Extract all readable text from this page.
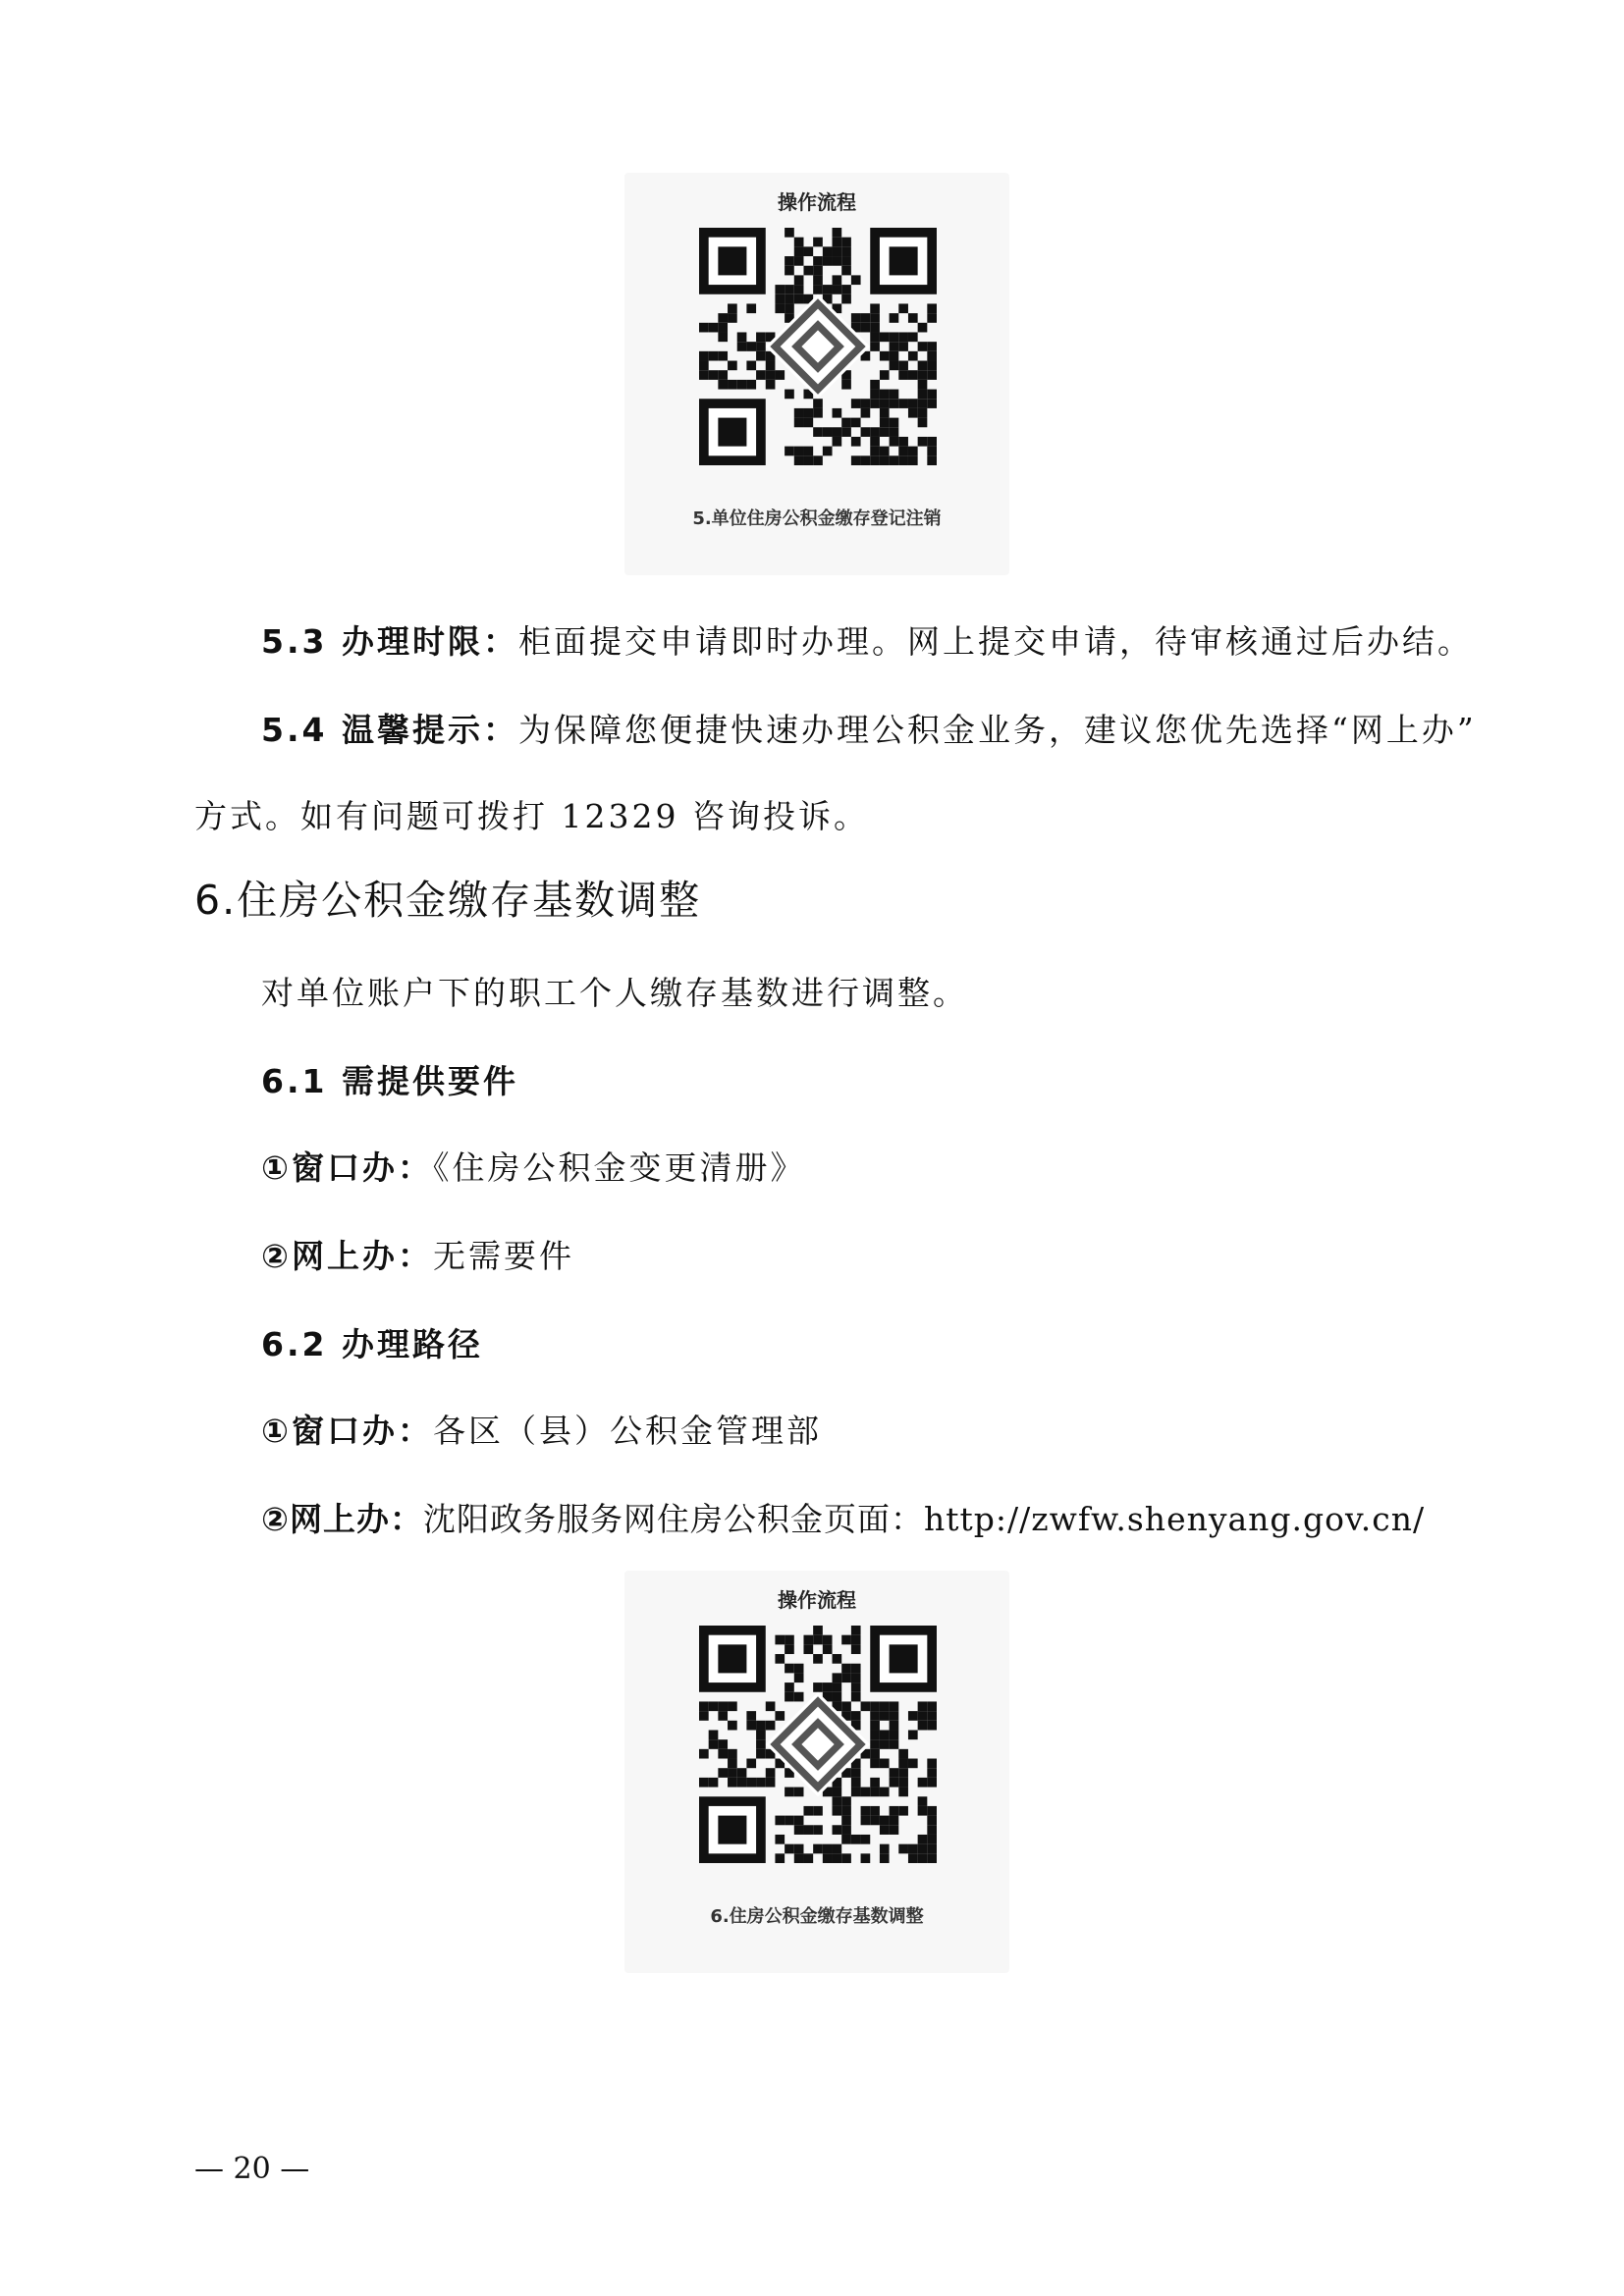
操作流程
5.单位住房公积金缴存登记注销
5.3 办理时限：柜面提交申请即时办理。网上提交申请，待审核通过后办结。
5.4 温馨提示：为保障您便捷快速办理公积金业务，建议您优先选择“网上办”
方式。如有问题可拨打 12329 咨询投诉。
6.住房公积金缴存基数调整
对单位账户下的职工个人缴存基数进行调整。
6.1 需提供要件
①窗口办：《住房公积金变更清册》
②网上办：无需要件
6.2 办理路径
①窗口办：各区（县）公积金管理部
②网上办：沈阳政务服务网住房公积金页面：http://zwfw.shenyang.gov.cn/
操作流程
6.住房公积金缴存基数调整
— 20 —
